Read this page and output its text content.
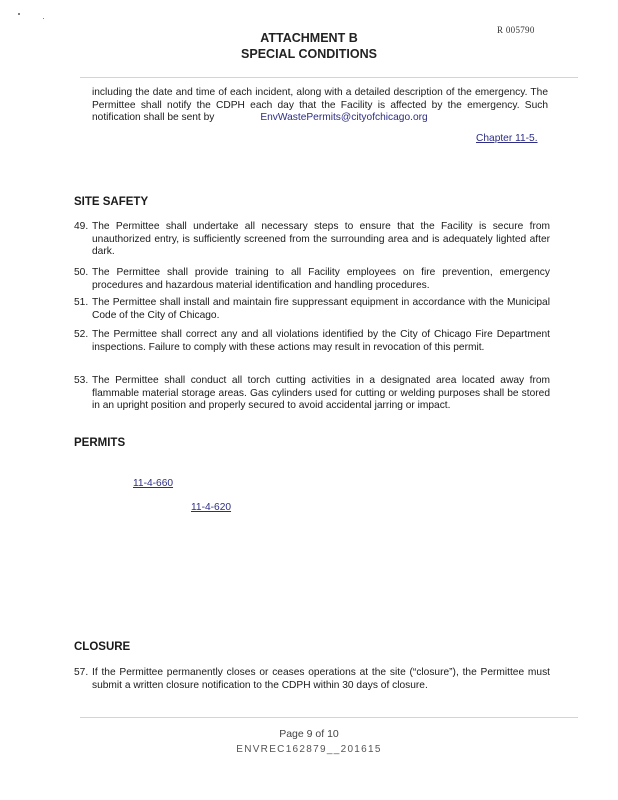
R 005790
ATTACHMENT B
SPECIAL CONDITIONS
including the date and time of each incident, along with a detailed description of the emergency. The Permittee shall notify the CDPH each day that the Facility is affected by the emergency. Such notification shall be sent by	EnvWastePermits@cityofchicago.org
Chapter 11-5.
SITE SAFETY
49. The Permittee shall undertake all necessary steps to ensure that the Facility is secure from unauthorized entry, is sufficiently screened from the surrounding area and is adequately lighted after dark.
50. The Permittee shall provide training to all Facility employees on fire prevention, emergency procedures and hazardous material identification and handling procedures.
51. The Permittee shall install and maintain fire suppressant equipment in accordance with the Municipal Code of the City of Chicago.
52. The Permittee shall correct any and all violations identified by the City of Chicago Fire Department inspections. Failure to comply with these actions may result in revocation of this permit.
53. The Permittee shall conduct all torch cutting activities in a designated area located away from flammable material storage areas. Gas cylinders used for cutting or welding purposes shall be stored in an upright position and properly secured to avoid accidental jarring or impact.
PERMITS
11-4-660
11-4-620
CLOSURE
57. If the Permittee permanently closes or ceases operations at the site (“closure”), the Permittee must submit a written closure notification to the CDPH within 30 days of closure.
Page 9 of 10
ENVREC162879__201615
